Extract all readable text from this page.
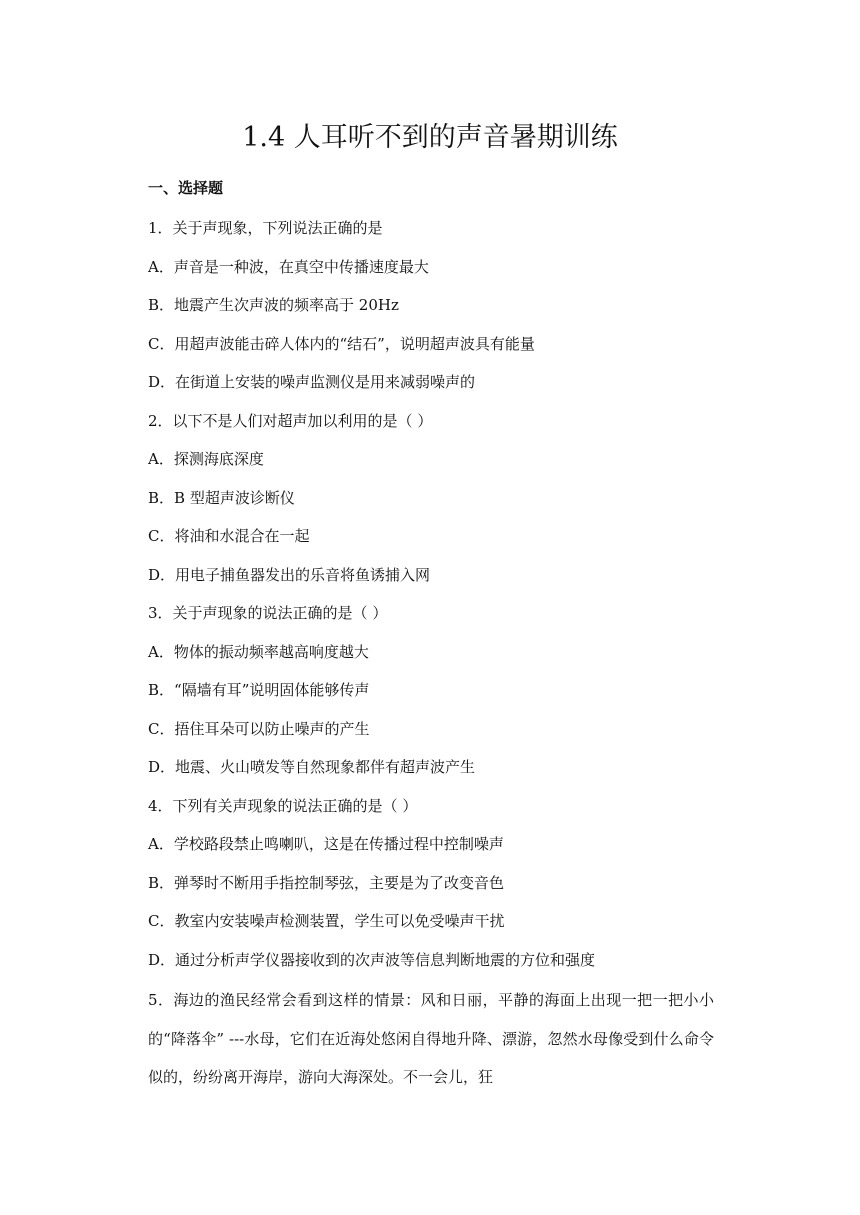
1.4 人耳听不到的声音暑期训练
一、选择题
1．关于声现象，下列说法正确的是
A．声音是一种波，在真空中传播速度最大
B．地震产生次声波的频率高于 20Hz
C．用超声波能击碎人体内的“结石”，说明超声波具有能量
D．在街道上安装的噪声监测仪是用来减弱噪声的
2．以下不是人们对超声加以利用的是（ ）
A．探测海底深度
B．B 型超声波诊断仪
C．将油和水混合在一起
D．用电子捕鱼器发出的乐音将鱼诱捕入网
3．关于声现象的说法正确的是（ ）
A．物体的振动频率越高响度越大
B．“隔墙有耳”说明固体能够传声
C．捂住耳朵可以防止噪声的产生
D．地震、火山喷发等自然现象都伴有超声波产生
4．下列有关声现象的说法正确的是（ ）
A．学校路段禁止鸣喇叭，这是在传播过程中控制噪声
B．弹琴时不断用手指控制琴弦，主要是为了改变音色
C．教室内安装噪声检测装置，学生可以免受噪声干扰
D．通过分析声学仪器接收到的次声波等信息判断地震的方位和强度
5．海边的渔民经常会看到这样的情景：风和日丽，平静的海面上出现一把一把小小的“降落伞” ---水母，它们在近海处悠闲自得地升降、漂游，忽然水母像受到什么命令似的，纷纷离开海岸，游向大海深处。不一会儿，狂
